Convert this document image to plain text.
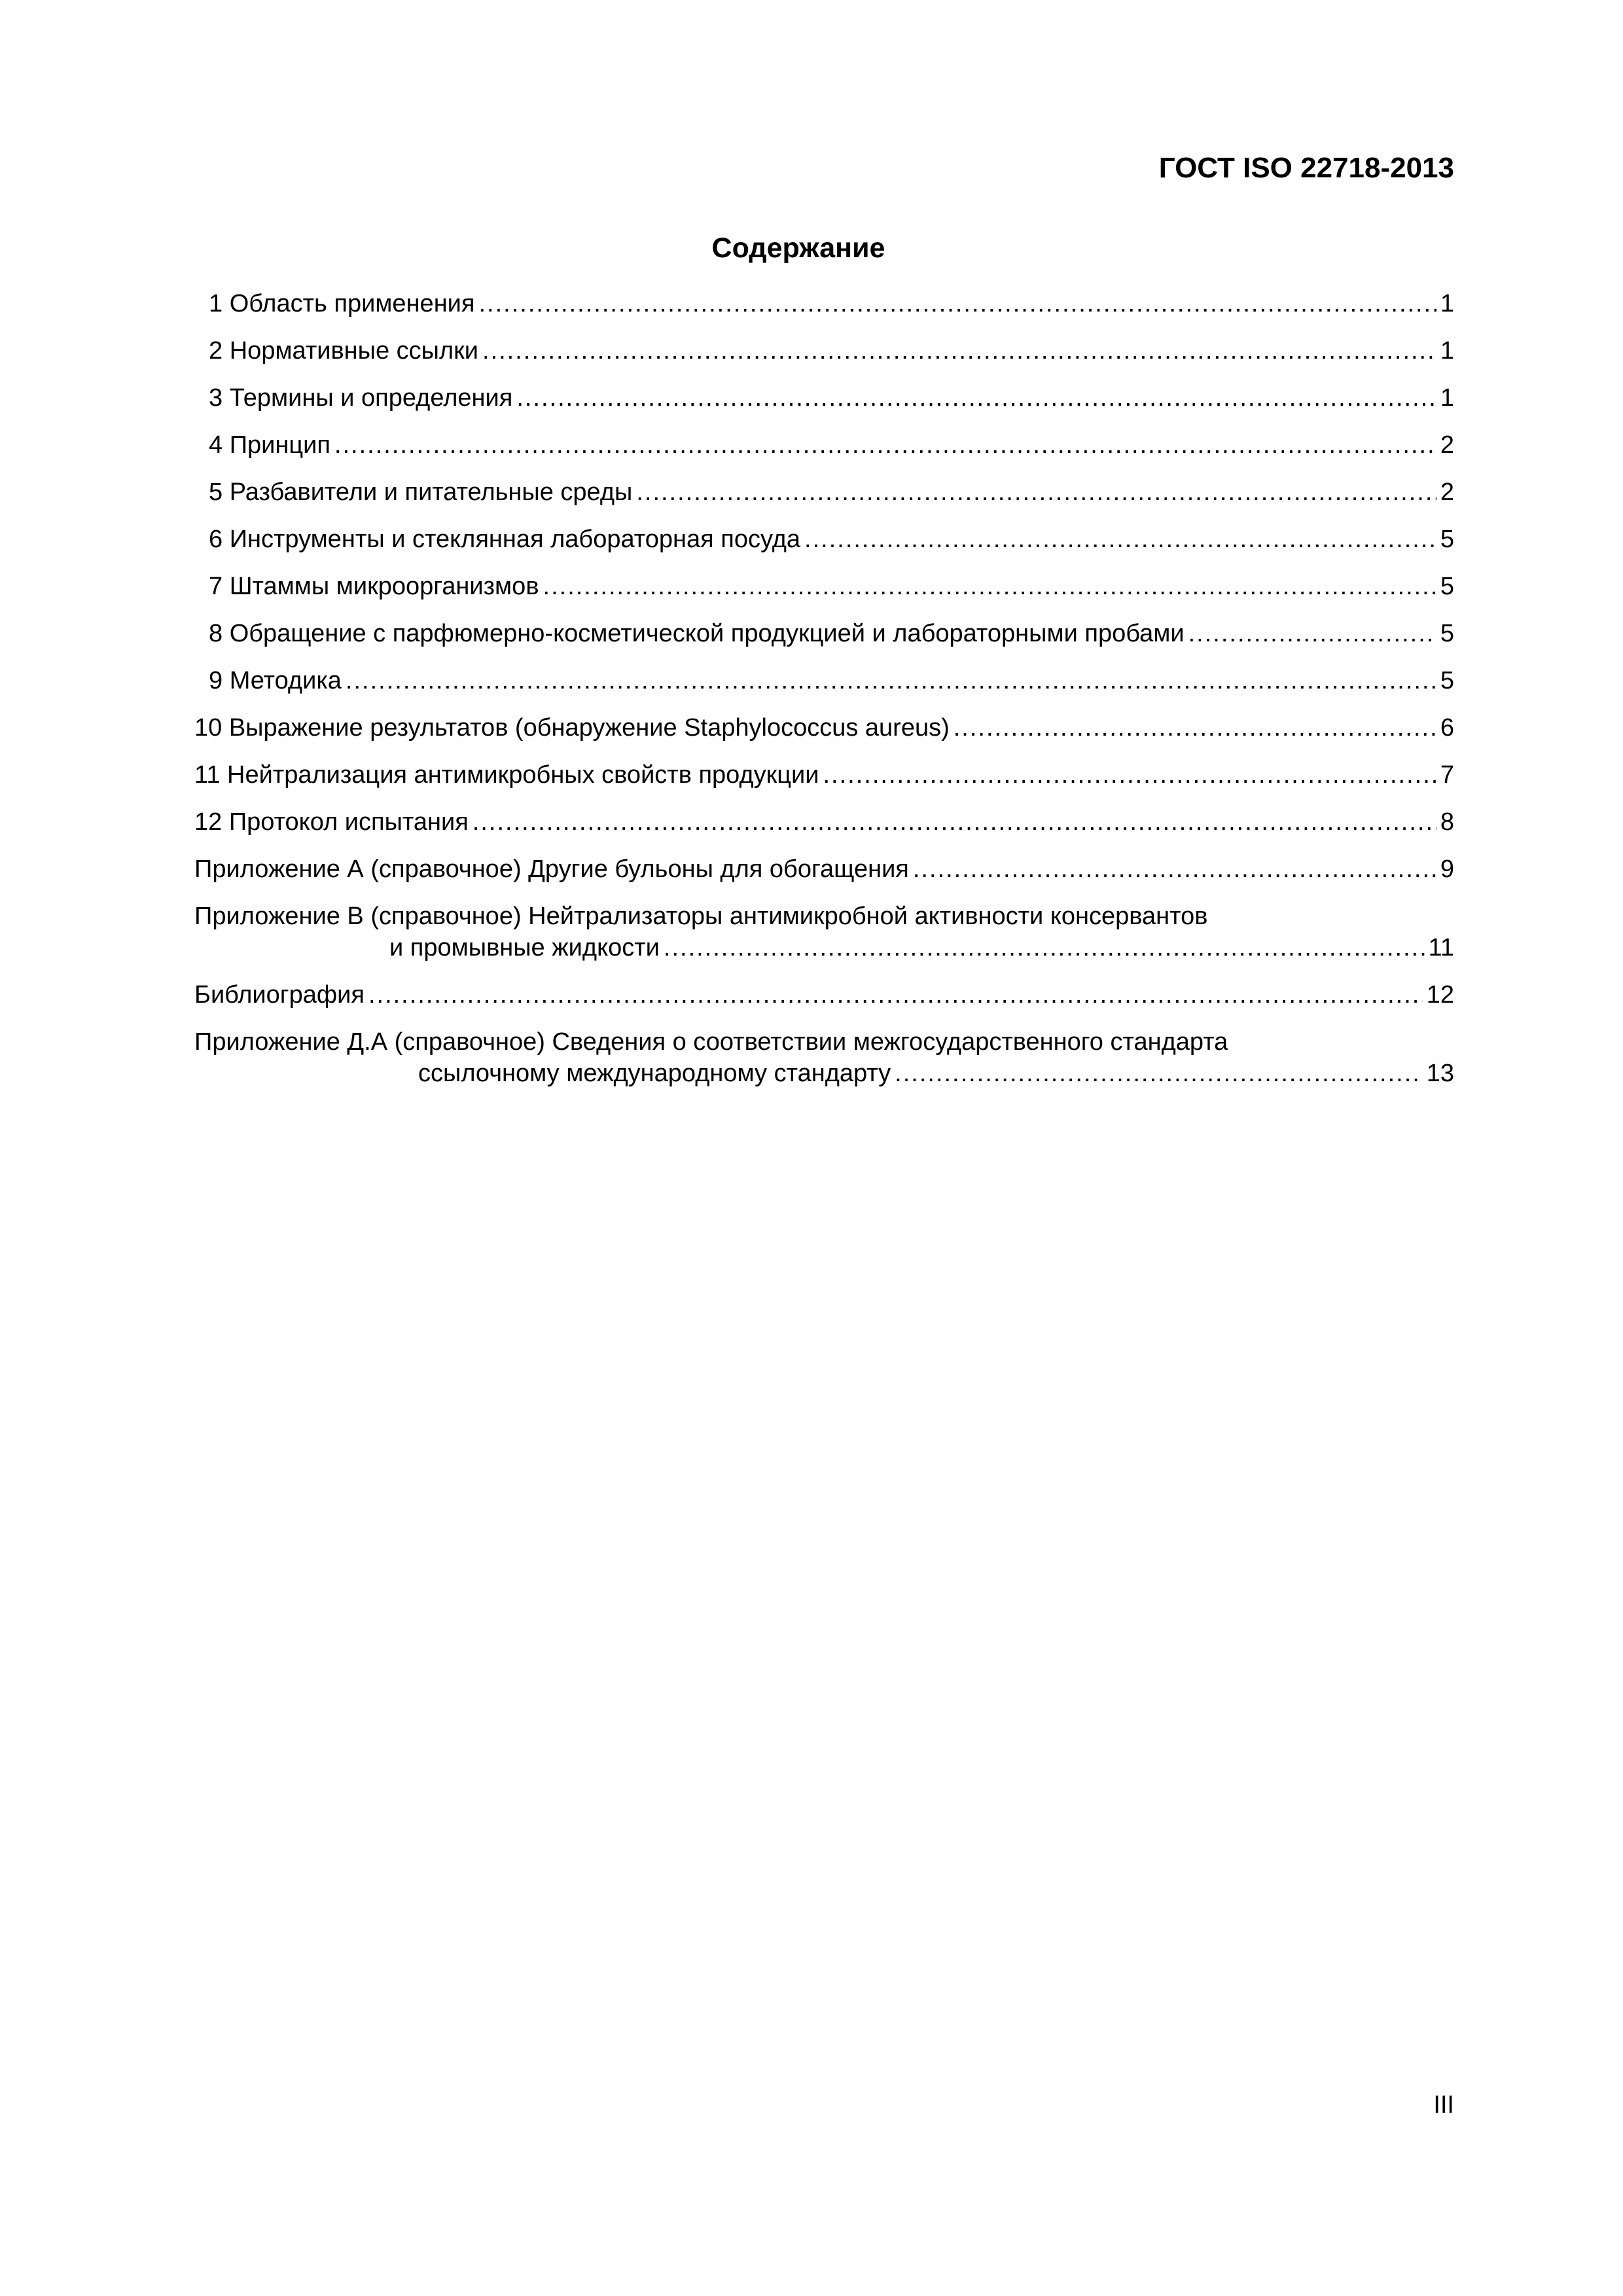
ГОСТ ISO 22718-2013
Содержание
1 Область применения .....	1
2 Нормативные ссылки .....	1
3 Термины и определения .....	1
4 Принцип .....	2
5 Разбавители и питательные среды .....	2
6 Инструменты и стеклянная лабораторная посуда .....	5
7 Штаммы микроорганизмов .....	5
8 Обращение с парфюмерно-косметической продукцией и лабораторными пробами .....	5
9 Методика .....	5
10 Выражение результатов (обнаружение Staphylococcus aureus) .....	6
11 Нейтрализация антимикробных свойств продукции .....	7
12 Протокол испытания .....	8
Приложение А (справочное) Другие бульоны для обогащения .....	9
Приложение В (справочное) Нейтрализаторы антимикробной активности консервантов
и промывные жидкости .....	11
Библиография .....	12
Приложение Д.А (справочное) Сведения о соответствии межгосударственного стандарта
ссылочному международному стандарту .....	13
III
